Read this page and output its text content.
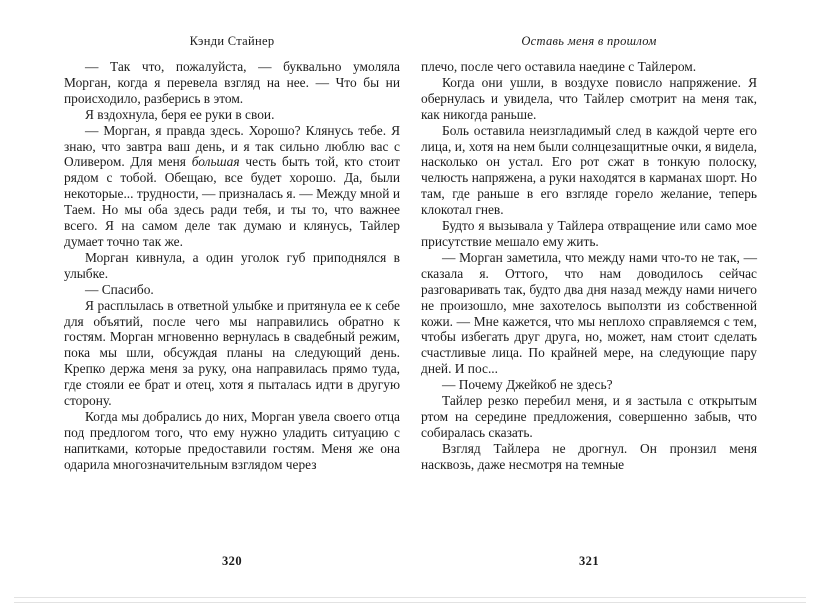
Кэнди Стайнер

— Так что, пожалуйста, — буквально умоляла Морган, когда я перевела взгляд на нее. — Что бы ни происходило, разберись в этом.

Я вздохнула, беря ее руки в свои.

— Морган, я правда здесь. Хорошо? Клянусь тебе. Я знаю, что завтра ваш день, и я так сильно люблю вас с Оливером. Для меня большая честь быть той, кто стоит рядом с тобой. Обещаю, все будет хорошо. Да, были некоторые... трудности, — призналась я. — Между мной и Таем. Но мы оба здесь ради тебя, и ты то, что важнее всего. Я на самом деле так думаю и клянусь, Тайлер думает точно так же.

Морган кивнула, а один уголок губ приподнялся в улыбке.

— Спасибо.

Я расплылась в ответной улыбке и притянула ее к себе для объятий, после чего мы направились обратно к гостям. Морган мгновенно вернулась в свадебный режим, пока мы шли, обсуждая планы на следующий день. Крепко держа меня за руку, она направилась прямо туда, где стояли ее брат и отец, хотя я пыталась идти в другую сторону.

Когда мы добрались до них, Морган увела своего отца под предлогом того, что ему нужно уладить ситуацию с напитками, которые предоставили гостям. Меня же она одарила многозначительным взглядом через

320
Оставь меня в прошлом

плечо, после чего оставила наедине с Тайлером.

Когда они ушли, в воздухе повисло напряжение. Я обернулась и увидела, что Тайлер смотрит на меня так, как никогда раньше.

Боль оставила неизгладимый след в каждой черте его лица, и, хотя на нем были солнцезащитные очки, я видела, насколько он устал. Его рот сжат в тонкую полоску, челюсть напряжена, а руки находятся в карманах шорт. Но там, где раньше в его взгляде горело желание, теперь клокотал гнев.

Будто я вызывала у Тайлера отвращение или само мое присутствие мешало ему жить.

— Морган заметила, что между нами что-то не так, — сказала я. Оттого, что нам доводилось сейчас разговаривать так, будто два дня назад между нами ничего не произошло, мне захотелось выползти из собственной кожи. — Мне кажется, что мы неплохо справляемся с тем, чтобы избегать друг друга, но, может, нам стоит сделать счастливые лица. По крайней мере, на следующие пару дней. И пос...

— Почему Джейкоб не здесь?

Тайлер резко перебил меня, и я застыла с открытым ртом на середине предложения, совершенно забыв, что собиралась сказать.

Взгляд Тайлера не дрогнул. Он пронзил меня насквозь, даже несмотря на темные

321
